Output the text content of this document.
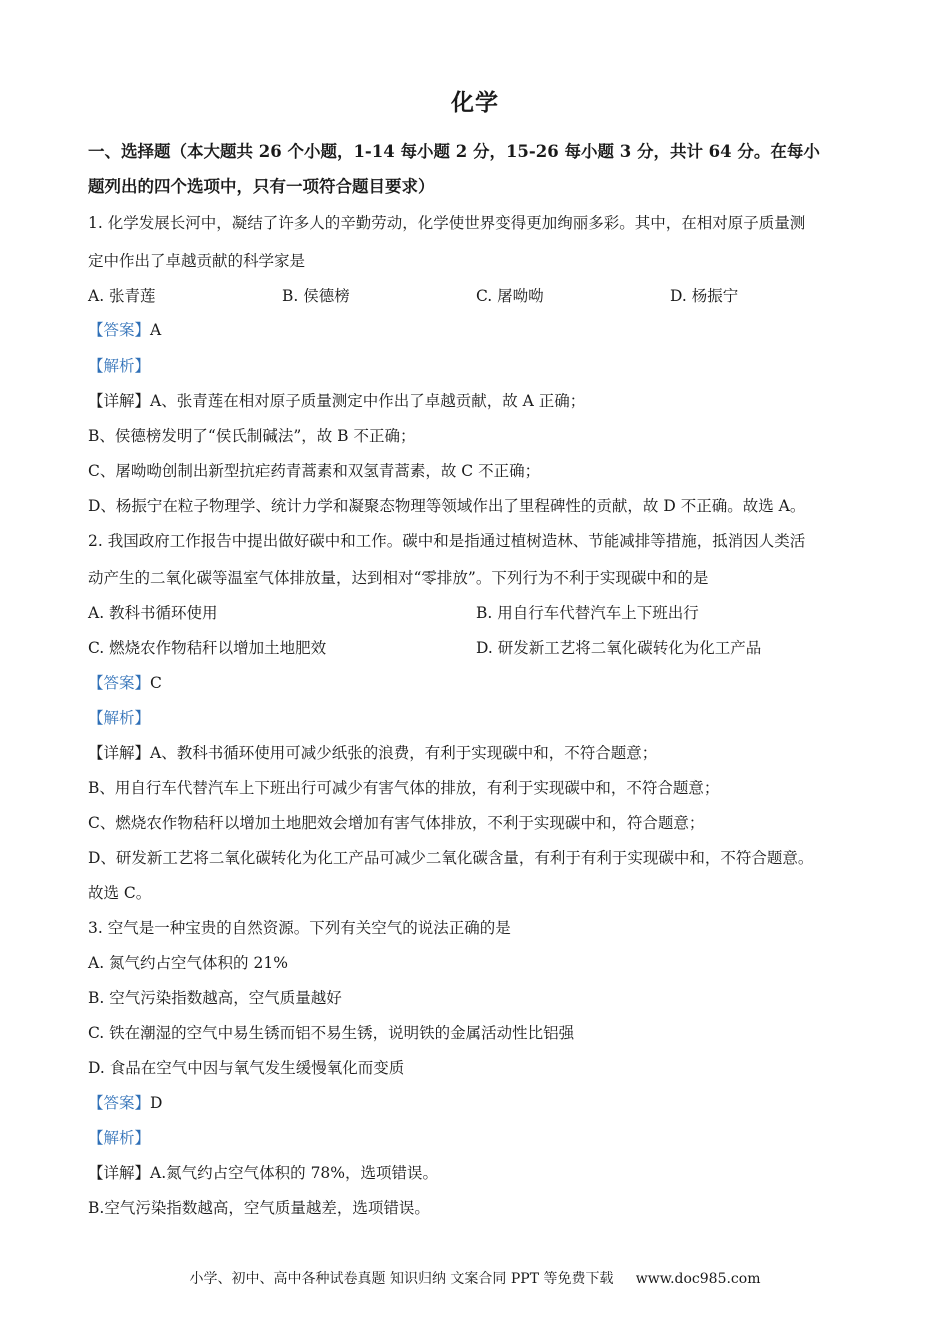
化学
一、选择题（本大题共 26 个小题，1-14 每小题 2 分，15-26 每小题 3 分，共计 64 分。在每小
题列出的四个选项中，只有一项符合题目要求）
1. 化学发展长河中，凝结了许多人的辛勤劳动，化学使世界变得更加绚丽多彩。其中，在相对原子质量测
定中作出了卓越贡献的科学家是
A. 张青莲	B. 侯德榜	C. 屠呦呦	D. 杨振宁
【答案】A
【解析】
【详解】A、张青莲在相对原子质量测定中作出了卓越贡献，故 A 正确；
B、侯德榜发明了“侯氏制碱法”，故 B 不正确；
C、屠呦呦创制出新型抗疟药青蒿素和双氢青蒿素，故 C 不正确；
D、杨振宁在粒子物理学、统计力学和凝聚态物理等领域作出了里程碑性的贡献，故 D 不正确。故选 A。
2. 我国政府工作报告中提出做好碳中和工作。碳中和是指通过植树造林、节能减排等措施，抵消因人类活
动产生的二氧化碳等温室气体排放量，达到相对“零排放”。下列行为不利于实现碳中和的是
A. 教科书循环使用	B. 用自行车代替汽车上下班出行
C. 燃烧农作物秸秆以增加土地肥效	D. 研发新工艺将二氧化碳转化为化工产品
【答案】C
【解析】
【详解】A、教科书循环使用可减少纸张的浪费，有利于实现碳中和，不符合题意；
B、用自行车代替汽车上下班出行可减少有害气体的排放，有利于实现碳中和，不符合题意；
C、燃烧农作物秸秆以增加土地肥效会增加有害气体排放，不利于实现碳中和，符合题意；
D、研发新工艺将二氧化碳转化为化工产品可减少二氧化碳含量，有利于有利于实现碳中和，不符合题意。
故选 C。
3. 空气是一种宝贵的自然资源。下列有关空气的说法正确的是
A. 氮气约占空气体积的 21%
B. 空气污染指数越高，空气质量越好
C. 铁在潮湿的空气中易生锈而铝不易生锈，说明铁的金属活动性比铝强
D. 食品在空气中因与氧气发生缓慢氧化而变质
【答案】D
【解析】
【详解】A.氮气约占空气体积的 78%，选项错误。
B.空气污染指数越高，空气质量越差，选项错误。
小学、初中、高中各种试卷真题 知识归纳 文案合同 PPT 等免费下载 www.doc985.com
